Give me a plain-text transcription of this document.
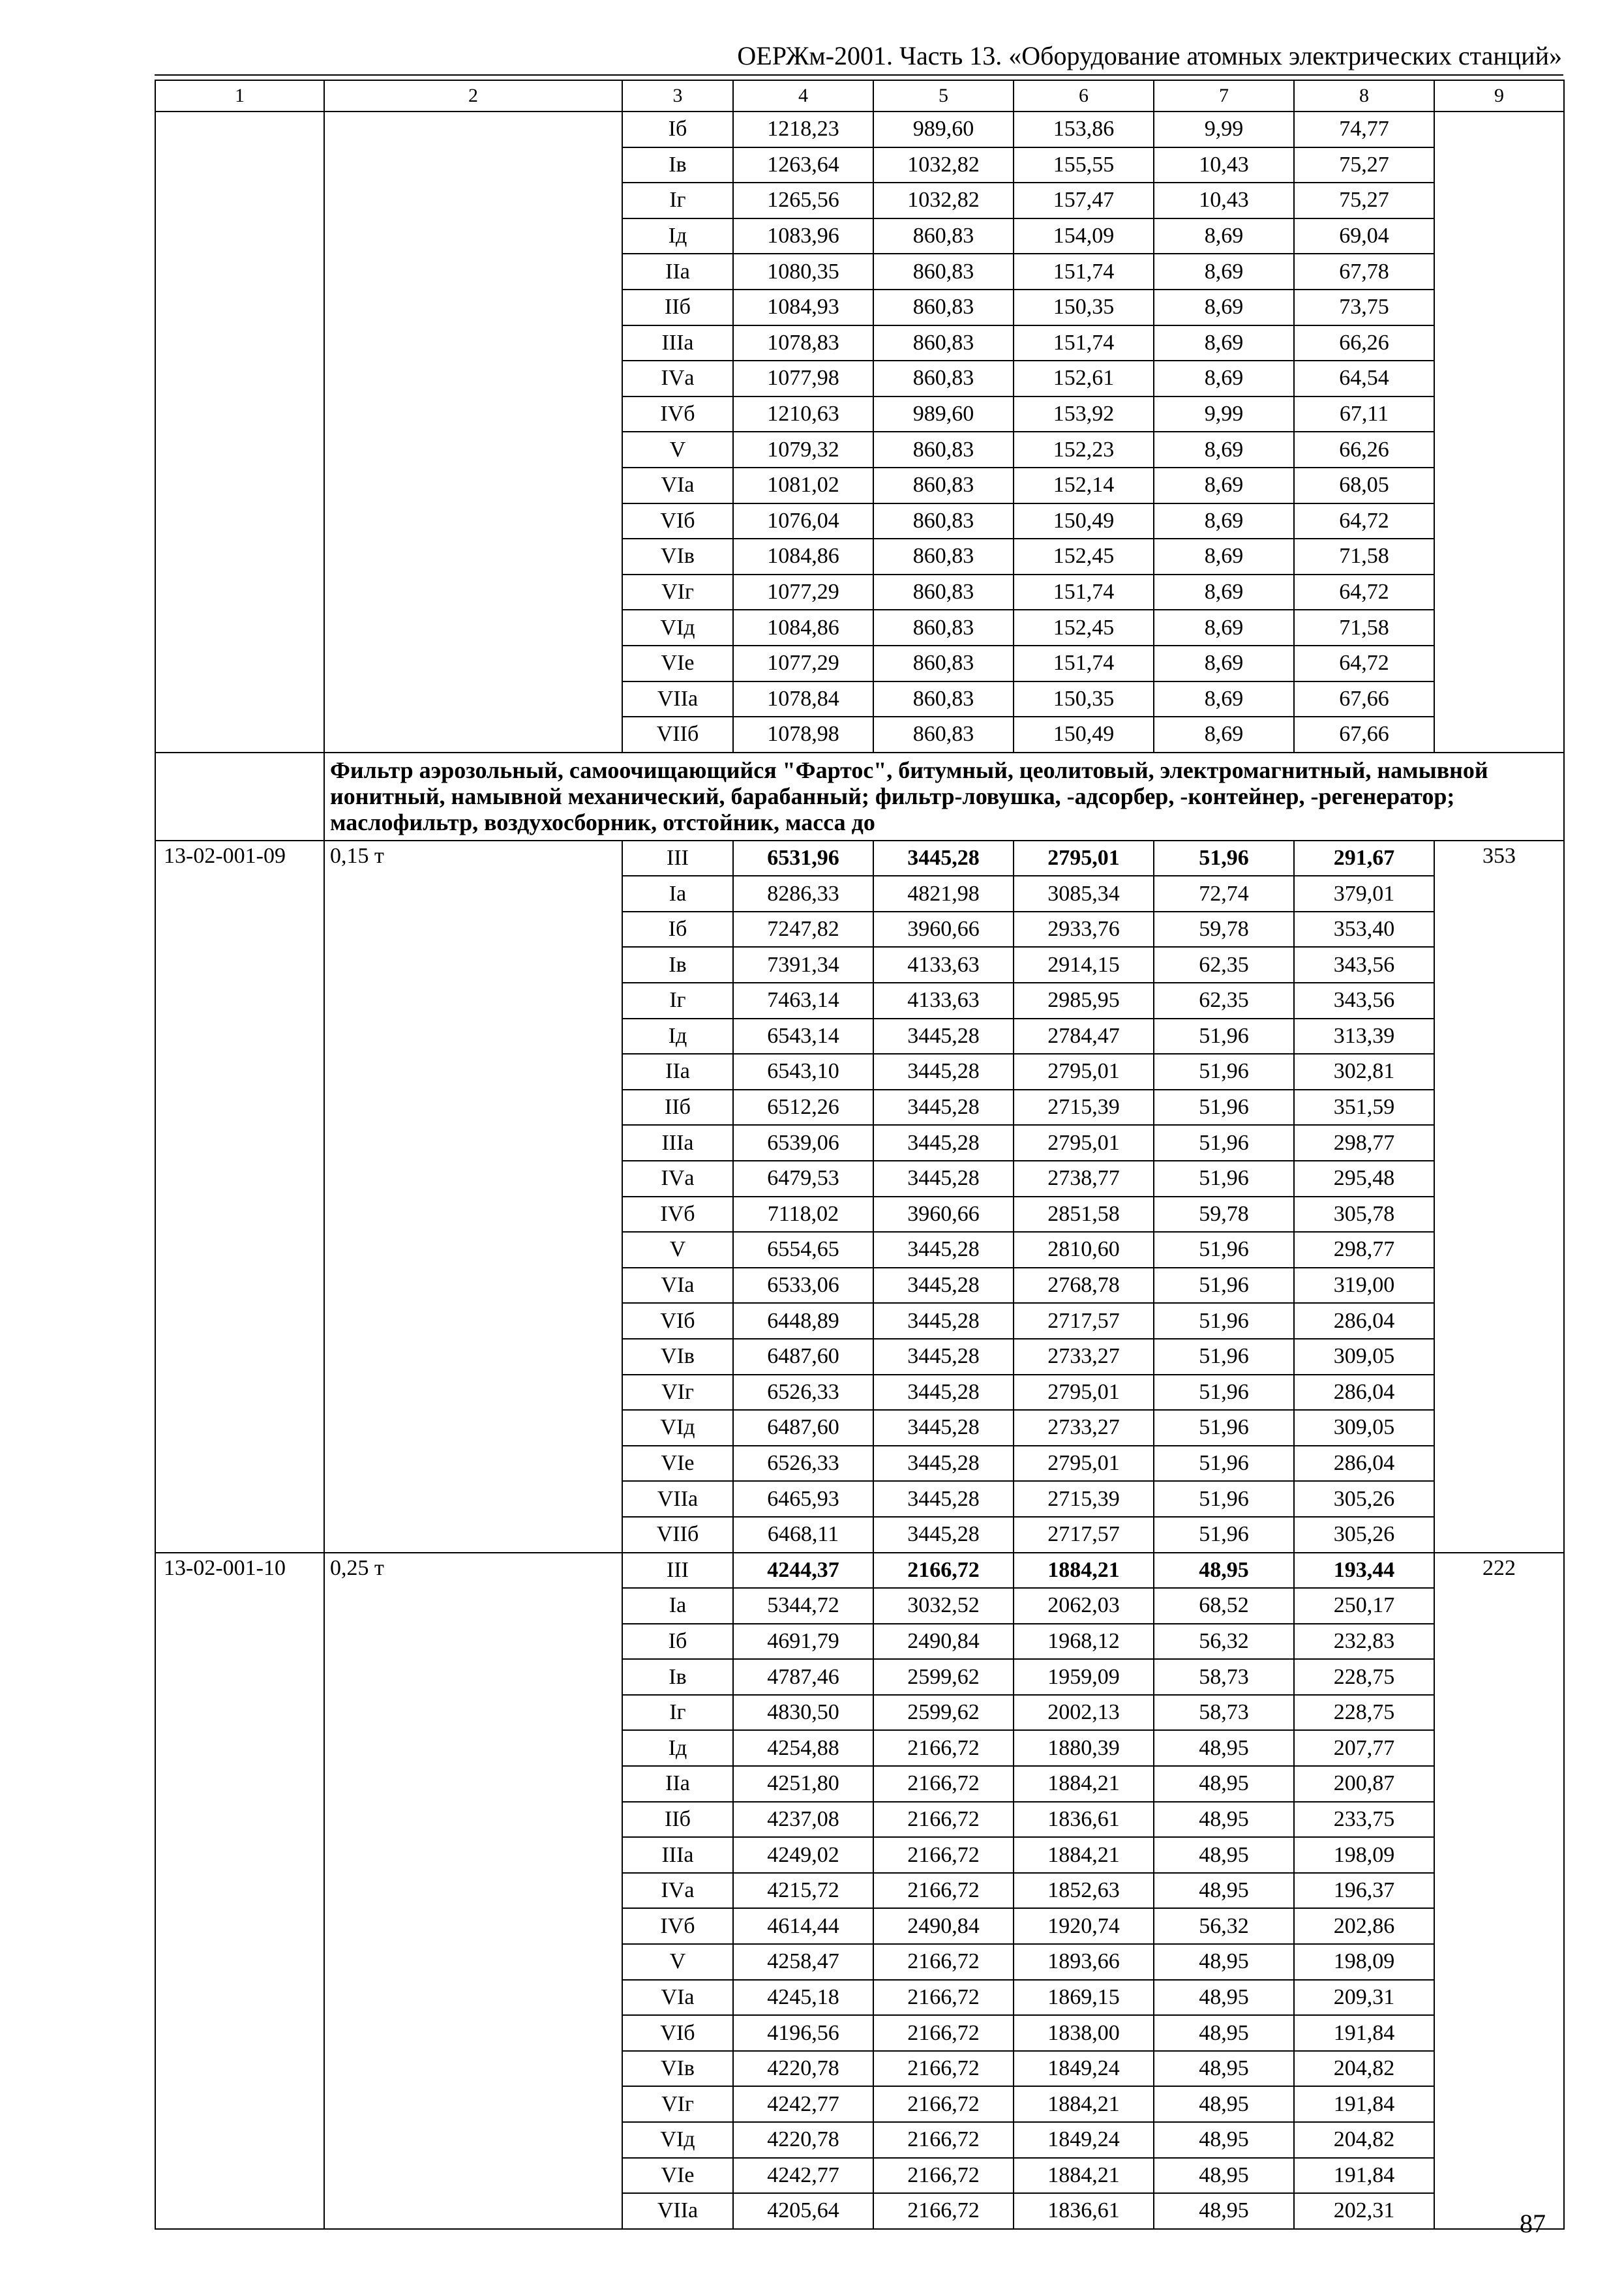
ОЕРЖм-2001. Часть 13. «Оборудование атомных электрических станций»
1	2	3	4	5	6	7	8	9
		Iб	1218,23	989,60	153,86	9,99	74,77	
		Iв	1263,64	1032,82	155,55	10,43	75,27	
		Iг	1265,56	1032,82	157,47	10,43	75,27	
		Iд	1083,96	860,83	154,09	8,69	69,04	
		IIа	1080,35	860,83	151,74	8,69	67,78	
		IIб	1084,93	860,83	150,35	8,69	73,75	
		IIIа	1078,83	860,83	151,74	8,69	66,26	
		IVа	1077,98	860,83	152,61	8,69	64,54	
		IVб	1210,63	989,60	153,92	9,99	67,11	
		V	1079,32	860,83	152,23	8,69	66,26	
		VIа	1081,02	860,83	152,14	8,69	68,05	
		VIб	1076,04	860,83	150,49	8,69	64,72	
		VIв	1084,86	860,83	152,45	8,69	71,58	
		VIг	1077,29	860,83	151,74	8,69	64,72	
		VIд	1084,86	860,83	152,45	8,69	71,58	
		VIе	1077,29	860,83	151,74	8,69	64,72	
		VIIа	1078,84	860,83	150,35	8,69	67,66	
		VIIб	1078,98	860,83	150,49	8,69	67,66	
	Фильтр аэрозольный, самоочищающийся "Фартос", битумный, цеолитовый, электромагнитный, намывной ионитный, намывной механический, барабанный; фильтр-ловушка, -адсорбер, -контейнер, -регенератор; маслофильтр, воздухосборник, отстойник, масса до							
13-02-001-09	0,15 т	III	6531,96	3445,28	2795,01	51,96	291,67	353
		Iа	8286,33	4821,98	3085,34	72,74	379,01	
		Iб	7247,82	3960,66	2933,76	59,78	353,40	
		Iв	7391,34	4133,63	2914,15	62,35	343,56	
		Iг	7463,14	4133,63	2985,95	62,35	343,56	
		Iд	6543,14	3445,28	2784,47	51,96	313,39	
		IIа	6543,10	3445,28	2795,01	51,96	302,81	
		IIб	6512,26	3445,28	2715,39	51,96	351,59	
		IIIа	6539,06	3445,28	2795,01	51,96	298,77	
		IVа	6479,53	3445,28	2738,77	51,96	295,48	
		IVб	7118,02	3960,66	2851,58	59,78	305,78	
		V	6554,65	3445,28	2810,60	51,96	298,77	
		VIа	6533,06	3445,28	2768,78	51,96	319,00	
		VIб	6448,89	3445,28	2717,57	51,96	286,04	
		VIв	6487,60	3445,28	2733,27	51,96	309,05	
		VIг	6526,33	3445,28	2795,01	51,96	286,04	
		VIд	6487,60	3445,28	2733,27	51,96	309,05	
		VIе	6526,33	3445,28	2795,01	51,96	286,04	
		VIIа	6465,93	3445,28	2715,39	51,96	305,26	
		VIIб	6468,11	3445,28	2717,57	51,96	305,26	
13-02-001-10	0,25 т	III	4244,37	2166,72	1884,21	48,95	193,44	222
		Iа	5344,72	3032,52	2062,03	68,52	250,17	
		Iб	4691,79	2490,84	1968,12	56,32	232,83	
		Iв	4787,46	2599,62	1959,09	58,73	228,75	
		Iг	4830,50	2599,62	2002,13	58,73	228,75	
		Iд	4254,88	2166,72	1880,39	48,95	207,77	
		IIа	4251,80	2166,72	1884,21	48,95	200,87	
		IIб	4237,08	2166,72	1836,61	48,95	233,75	
		IIIа	4249,02	2166,72	1884,21	48,95	198,09	
		IVа	4215,72	2166,72	1852,63	48,95	196,37	
		IVб	4614,44	2490,84	1920,74	56,32	202,86	
		V	4258,47	2166,72	1893,66	48,95	198,09	
		VIа	4245,18	2166,72	1869,15	48,95	209,31	
		VIб	4196,56	2166,72	1838,00	48,95	191,84	
		VIв	4220,78	2166,72	1849,24	48,95	204,82	
		VIг	4242,77	2166,72	1884,21	48,95	191,84	
		VIд	4220,78	2166,72	1849,24	48,95	204,82	
		VIе	4242,77	2166,72	1884,21	48,95	191,84	
		VIIа	4205,64	2166,72	1836,61	48,95	202,31		87
